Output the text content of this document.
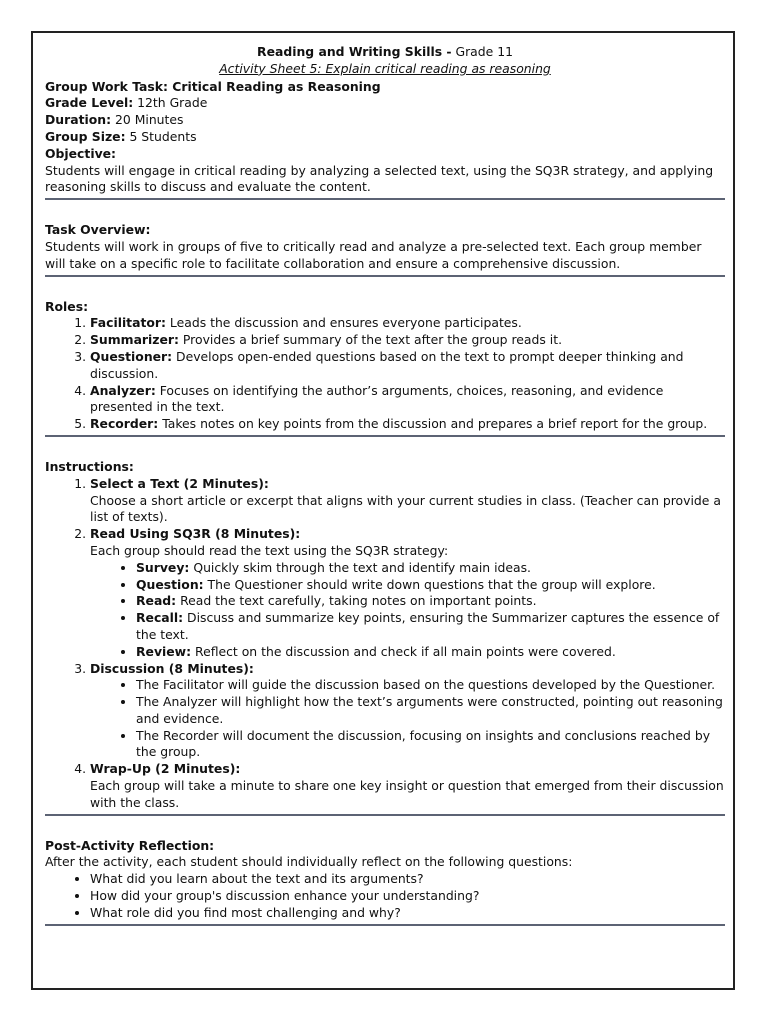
Reading and Writing Skills - Grade 11

Activity Sheet 5: Explain critical reading as reasoning

Group Work Task: Critical Reading as Reasoning

Grade Level: 12th Grade

Duration: 20 Minutes

Group Size: 5 Students

Objective:

Students will engage in critical reading by analyzing a selected text, using the SQ3R strategy, and applying reasoning skills to discuss and evaluate the content.

Task Overview:

Students will work in groups of five to critically read and analyze a pre-selected text. Each group member will take on a specific role to facilitate collaboration and ensure a comprehensive discussion.

Roles:

1. Facilitator: Leads the discussion and ensures everyone participates.
2. Summarizer: Provides a brief summary of the text after the group reads it.
3. Questioner: Develops open-ended questions based on the text to prompt deeper thinking and discussion.
4. Analyzer: Focuses on identifying the author’s arguments, choices, reasoning, and evidence presented in the text.
5. Recorder: Takes notes on key points from the discussion and prepares a brief report for the group.

Instructions:

1. Select a Text (2 Minutes):
Choose a short article or excerpt that aligns with your current studies in class. (Teacher can provide a list of texts).
2. Read Using SQ3R (8 Minutes):
Each group should read the text using the SQ3R strategy:
• Survey: Quickly skim through the text and identify main ideas.
• Question: The Questioner should write down questions that the group will explore.
• Read: Read the text carefully, taking notes on important points.
• Recall: Discuss and summarize key points, ensuring the Summarizer captures the essence of the text.
• Review: Reflect on the discussion and check if all main points were covered.
3. Discussion (8 Minutes):
• The Facilitator will guide the discussion based on the questions developed by the Questioner.
• The Analyzer will highlight how the text’s arguments were constructed, pointing out reasoning and evidence.
• The Recorder will document the discussion, focusing on insights and conclusions reached by the group.
4. Wrap-Up (2 Minutes):
Each group will take a minute to share one key insight or question that emerged from their discussion with the class.

Post-Activity Reflection:

After the activity, each student should individually reflect on the following questions:

• What did you learn about the text and its arguments?
• How did your group's discussion enhance your understanding?
• What role did you find most challenging and why?
